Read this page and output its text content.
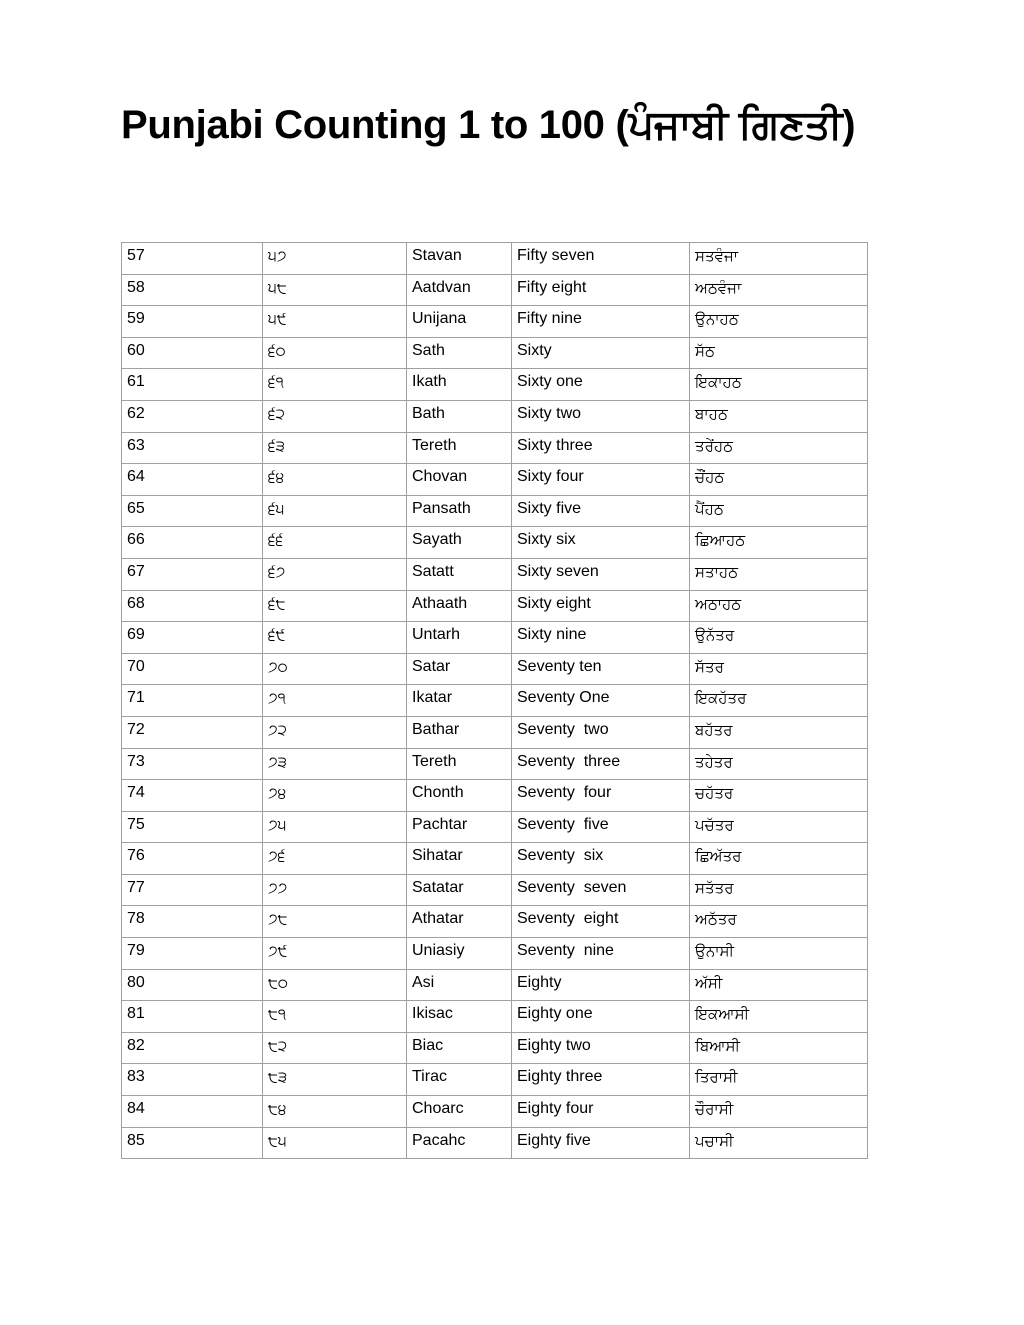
Punjabi Counting 1 to 100 (ਪੰਜਾਬੀ ਗਿਣਤੀ)
57	੫੭	Stavan	Fifty seven	ਸਤਵੰਜਾ
58	੫੮	Aatdvan	Fifty eight	ਅਠਵੰਜਾ
59	੫੯	Unijana	Fifty nine	ਉਨਾਹਠ
60	੬੦	Sath	Sixty	ਸੱਠ
61	੬੧	Ikath	Sixty one	ਇਕਾਹਠ
62	੬੨	Bath	Sixty two	ਬਾਹਠ
63	੬੩	Tereth	Sixty three	ਤਰੇਂਹਠ
64	੬੪	Chovan	Sixty four	ਚੌਂਹਠ
65	੬੫	Pansath	Sixty five	ਪੈਂਹਠ
66	੬੬	Sayath	Sixty six	ਛਿਆਹਠ
67	੬੭	Satatt	Sixty seven	ਸਤਾਹਠ
68	੬੮	Athaath	Sixty eight	ਅਠਾਹਠ
69	੬੯	Untarh	Sixty nine	ਉਨੱਤਰ
70	੭੦	Satar	Seventy ten	ਸੱਤਰ
71	੭੧	Ikatar	Seventy One	ਇਕਹੱਤਰ
72	੭੨	Bathar	Seventy  two	ਬਹੱਤਰ
73	੭੩	Tereth	Seventy  three	ਤਹੇਤਰ
74	੭੪	Chonth	Seventy  four	ਚਹੱਤਰ
75	੭੫	Pachtar	Seventy  five	ਪਚੱਤਰ
76	੭੬	Sihatar	Seventy  six	ਛਿਅੱਤਰ
77	੭੭	Satatar	Seventy  seven	ਸਤੱਤਰ
78	੭੮	Athatar	Seventy  eight	ਅਠੱਤਰ
79	੭੯	Uniasiy	Seventy  nine	ਉਨਾਸੀ
80	੮੦	Asi	Eighty	ਅੱਸੀ
81	੮੧	Ikisac	Eighty one	ਇਕਆਸੀ
82	੮੨	Biac	Eighty two	ਬਿਆਸੀ
83	੮੩	Tirac	Eighty three	ਤਿਰਾਸੀ
84	੮੪	Choarc	Eighty four	ਚੌਰਾਸੀ
85	੮੫	Pacahc	Eighty five	ਪਚਾਸੀ
